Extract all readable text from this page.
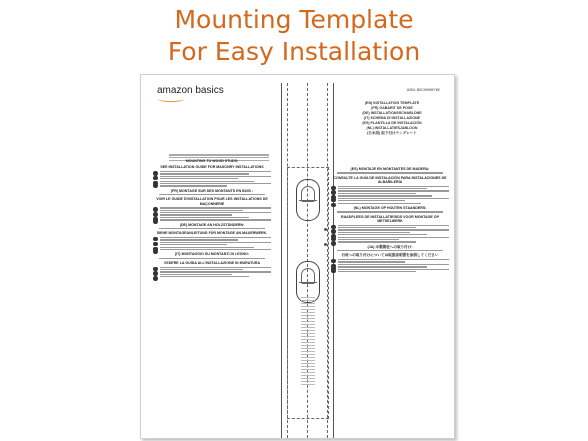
Mounting Template
For Easy Installation
amazon basics	ASIN: B0C9HW5Y5K
(EN) INSTALLATION TEMPLATE
(FR) GABARIT DE POSE
(DE) INSTALLATIONSSCHABLONE
(IT) SCHEMA DI INSTALLAZIONE
(ES) PLANTILLA DE INSTALACIÓN
(NL) INSTALLATIESJABLOON
(日本語) 取り付けテンプレート
MOUNTING TO WOOD STUDS:
SEE INSTALLATION GUIDE FOR MASONRY INSTALLATIONS
(FR) MONTAGE SUR DES MONTANTS EN BOIS :
VOIR LE GUIDE D'INSTALLATION POUR LES INSTALLATIONS DE MAÇONNERIE
(DE) MONTAGE AN HOLZSTÄNDERN:
SIEHE MONTAGEANLEITUNG FÜR MONTAGE AN MAUERWERK.
(IT) MONTAGGIO SU MONTANTI DI LEGNO:
VEDERE LA GUIDA ALL'INSTALLAZIONE IN MURATURA
(ES) MONTAJE EN MONTANTES DE MADERA:
CONSULTE LA GUÍA DE INSTALACIÓN PARA INSTALACIONES DE ALBAÑILERÍA
(NL) MONTAGE OP HOUTEN STAANDERS:
RAADPLEEG DE INSTALLATIEGIDS VOOR MONTAGE OP METSELWERK
(JA) 木製間柱への取り付け:
石材への取り付けについては取扱説明書を参照してください
